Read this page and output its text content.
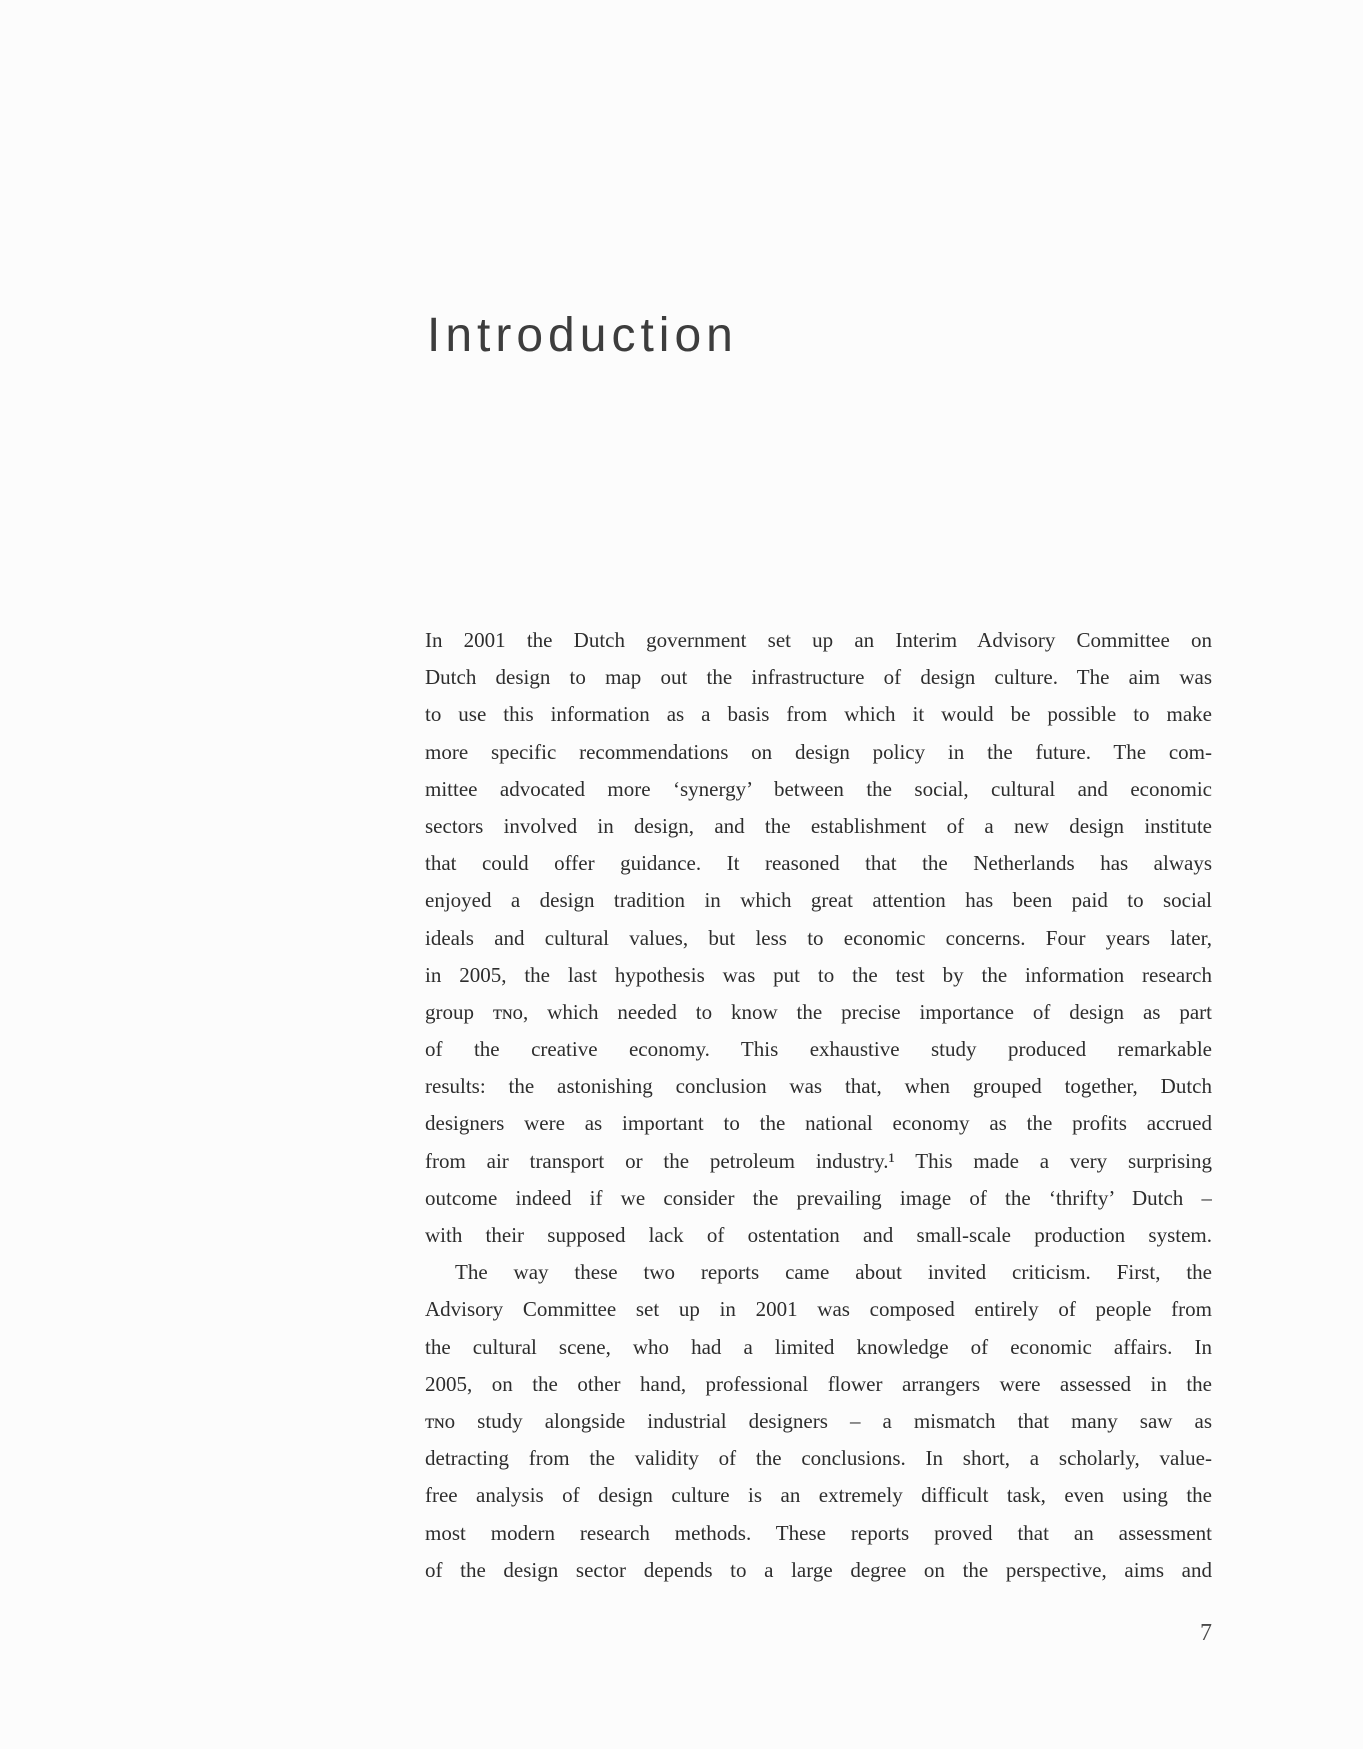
Introduction
In 2001 the Dutch government set up an Interim Advisory Committee on
Dutch design to map out the infrastructure of design culture. The aim was
to use this information as a basis from which it would be possible to make
more specific recommendations on design policy in the future. The com-
mittee advocated more ‘synergy’ between the social, cultural and economic
sectors involved in design, and the establishment of a new design institute
that could offer guidance. It reasoned that the Netherlands has always
enjoyed a design tradition in which great attention has been paid to social
ideals and cultural values, but less to economic concerns. Four years later,
in 2005, the last hypothesis was put to the test by the information research
group ᴛɴᴏ, which needed to know the precise importance of design as part
of the creative economy. This exhaustive study produced remarkable
results: the astonishing conclusion was that, when grouped together, Dutch
designers were as important to the national economy as the profits accrued
from air transport or the petroleum industry.¹ This made a very surprising
outcome indeed if we consider the prevailing image of the ‘thrifty’ Dutch –
with their supposed lack of ostentation and small-scale production system.
The way these two reports came about invited criticism. First, the
Advisory Committee set up in 2001 was composed entirely of people from
the cultural scene, who had a limited knowledge of economic affairs. In
2005, on the other hand, professional flower arrangers were assessed in the
ᴛɴᴏ study alongside industrial designers – a mismatch that many saw as
detracting from the validity of the conclusions. In short, a scholarly, value-
free analysis of design culture is an extremely difficult task, even using the
most modern research methods. These reports proved that an assessment
of the design sector depends to a large degree on the perspective, aims and
7
